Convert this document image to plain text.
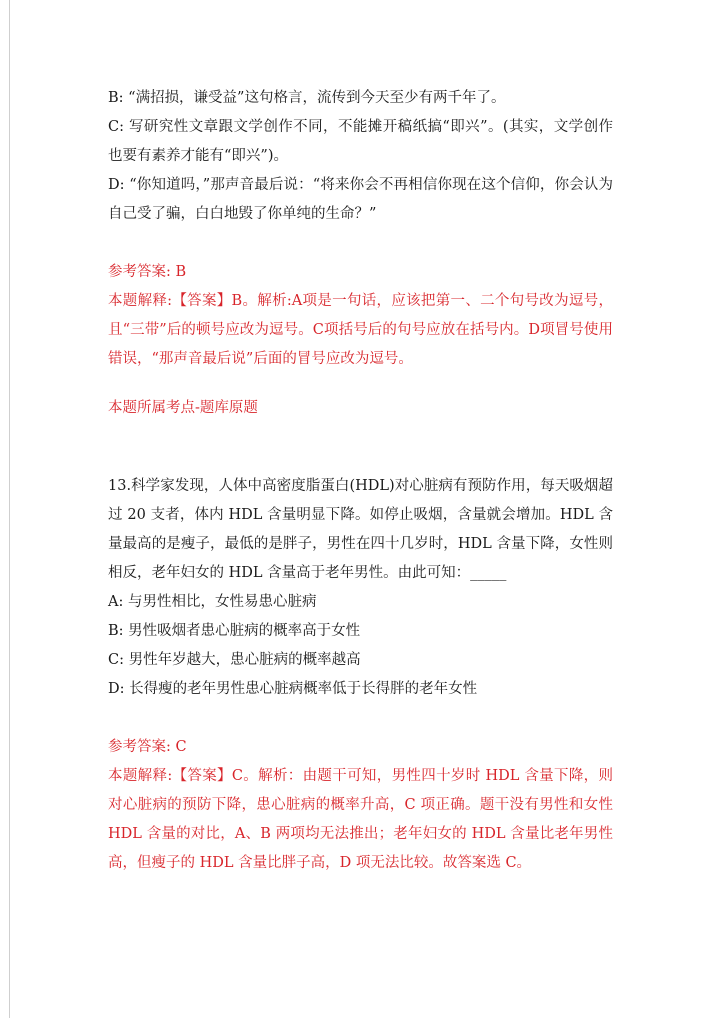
B: “满招损，谦受益”这句格言，流传到今天至少有两千年了。

C: 写研究性文章跟文学创作不同，不能摊开稿纸搞“即兴”。(其实，文学创作也要有素养才能有“即兴”)。

D: “你知道吗，”那声音最后说：“将来你会不再相信你现在这个信仰，你会认为自己受了骗，白白地毁了你单纯的生命？”

参考答案: B

本题解释:【答案】B。解析:A项是一句话，应该把第一、二个句号改为逗号，且“三带”后的顿号应改为逗号。C项括号后的句号应放在括号内。D项冒号使用错误，“那声音最后说”后面的冒号应改为逗号。

本题所属考点-题库原题

13.科学家发现，人体中高密度脂蛋白(HDL)对心脏病有预防作用，每天吸烟超过 20 支者，体内 HDL 含量明显下降。如停止吸烟，含量就会增加。HDL 含量最高的是瘦子，最低的是胖子，男性在四十几岁时，HDL 含量下降，女性则相反，老年妇女的 HDL 含量高于老年男性。由此可知：_____

A: 与男性相比，女性易患心脏病

B: 男性吸烟者患心脏病的概率高于女性

C: 男性年岁越大，患心脏病的概率越高

D: 长得瘦的老年男性患心脏病概率低于长得胖的老年女性

参考答案: C

本题解释:【答案】C。解析：由题干可知，男性四十岁时 HDL 含量下降，则对心脏病的预防下降，患心脏病的概率升高，C 项正确。题干没有男性和女性 HDL 含量的对比，A、B 两项均无法推出；老年妇女的 HDL 含量比老年男性高，但瘦子的 HDL 含量比胖子高，D 项无法比较。故答案选 C。
